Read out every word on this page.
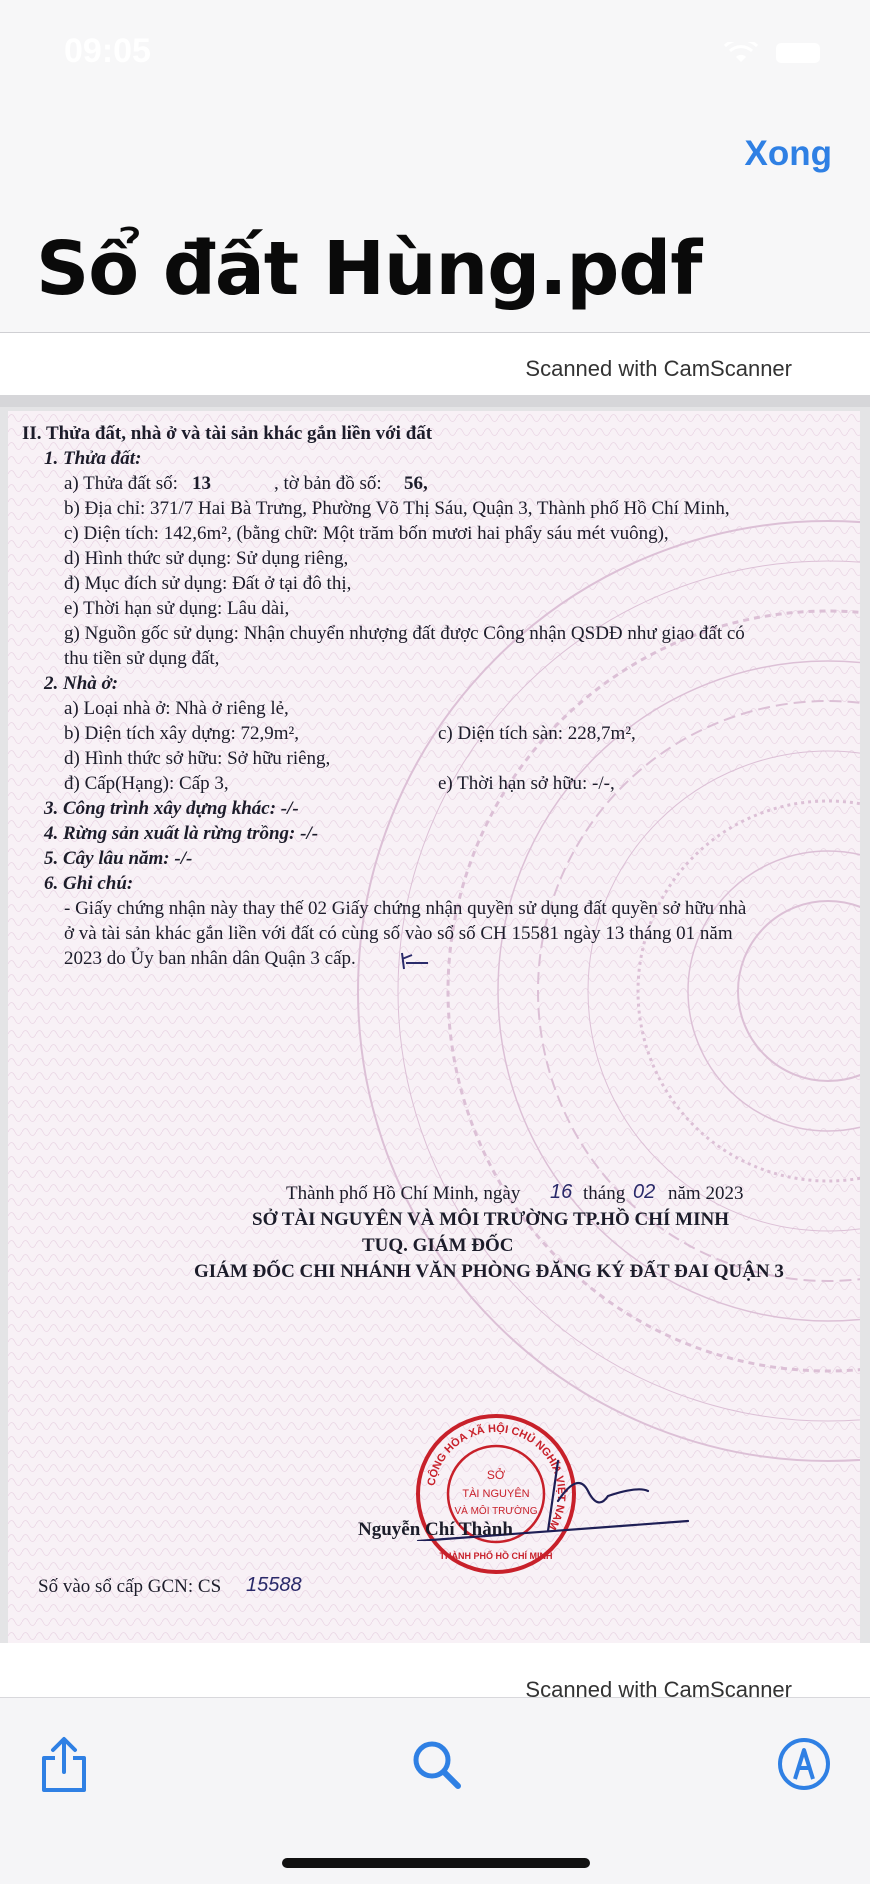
09:05
Xong
Sổ đất Hùng.pdf
Scanned with CamScanner
II. Thửa đất, nhà ở và tài sản khác gắn liền với đất
1. Thửa đất:
a) Thửa đất số: 13	, tờ bản đồ số: 56,
b) Địa chỉ: 371/7 Hai Bà Trưng, Phường Võ Thị Sáu, Quận 3, Thành phố Hồ Chí Minh,
c) Diện tích: 142,6m², (bằng chữ: Một trăm bốn mươi hai phẩy sáu mét vuông),
d) Hình thức sử dụng: Sử dụng riêng,
đ) Mục đích sử dụng: Đất ở tại đô thị,
e) Thời hạn sử dụng: Lâu dài,
g) Nguồn gốc sử dụng: Nhận chuyển nhượng đất được Công nhận QSDĐ như giao đất có
thu tiền sử dụng đất,
2. Nhà ở:
a) Loại nhà ở: Nhà ở riêng lẻ,
b) Diện tích xây dựng: 72,9m²,	c) Diện tích sàn: 228,7m²,
d) Hình thức sở hữu: Sở hữu riêng,
đ) Cấp(Hạng): Cấp 3,	e) Thời hạn sở hữu: -/-,
3. Công trình xây dựng khác: -/-
4. Rừng sản xuất là rừng trồng: -/-
5. Cây lâu năm: -/-
6. Ghi chú:
- Giấy chứng nhận này thay thế 02 Giấy chứng nhận quyền sử dụng đất quyền sở hữu nhà
ở và tài sản khác gắn liền với đất có cùng số vào sổ số CH 15581 ngày 13 tháng 01 năm
2023 do Ủy ban nhân dân Quận 3 cấp.
Thành phố Hồ Chí Minh, ngày 16 tháng 02 năm 2023
SỞ TÀI NGUYÊN VÀ MÔI TRƯỜNG TP.HỒ CHÍ MINH
TUQ. GIÁM ĐỐC
GIÁM ĐỐC CHI NHÁNH VĂN PHÒNG ĐĂNG KÝ ĐẤT ĐAI QUẬN 3
CỘNG HÒA XÃ HỘI CHỦ NGHĨA VIỆT NAM
SỞ
TÀI NGUYÊN
VÀ MÔI TRƯỜNG
THÀNH PHỐ HỒ CHÍ MINH
Nguyễn Chí Thành
Số vào sổ cấp GCN: CS 15588
Scanned with CamScanner
